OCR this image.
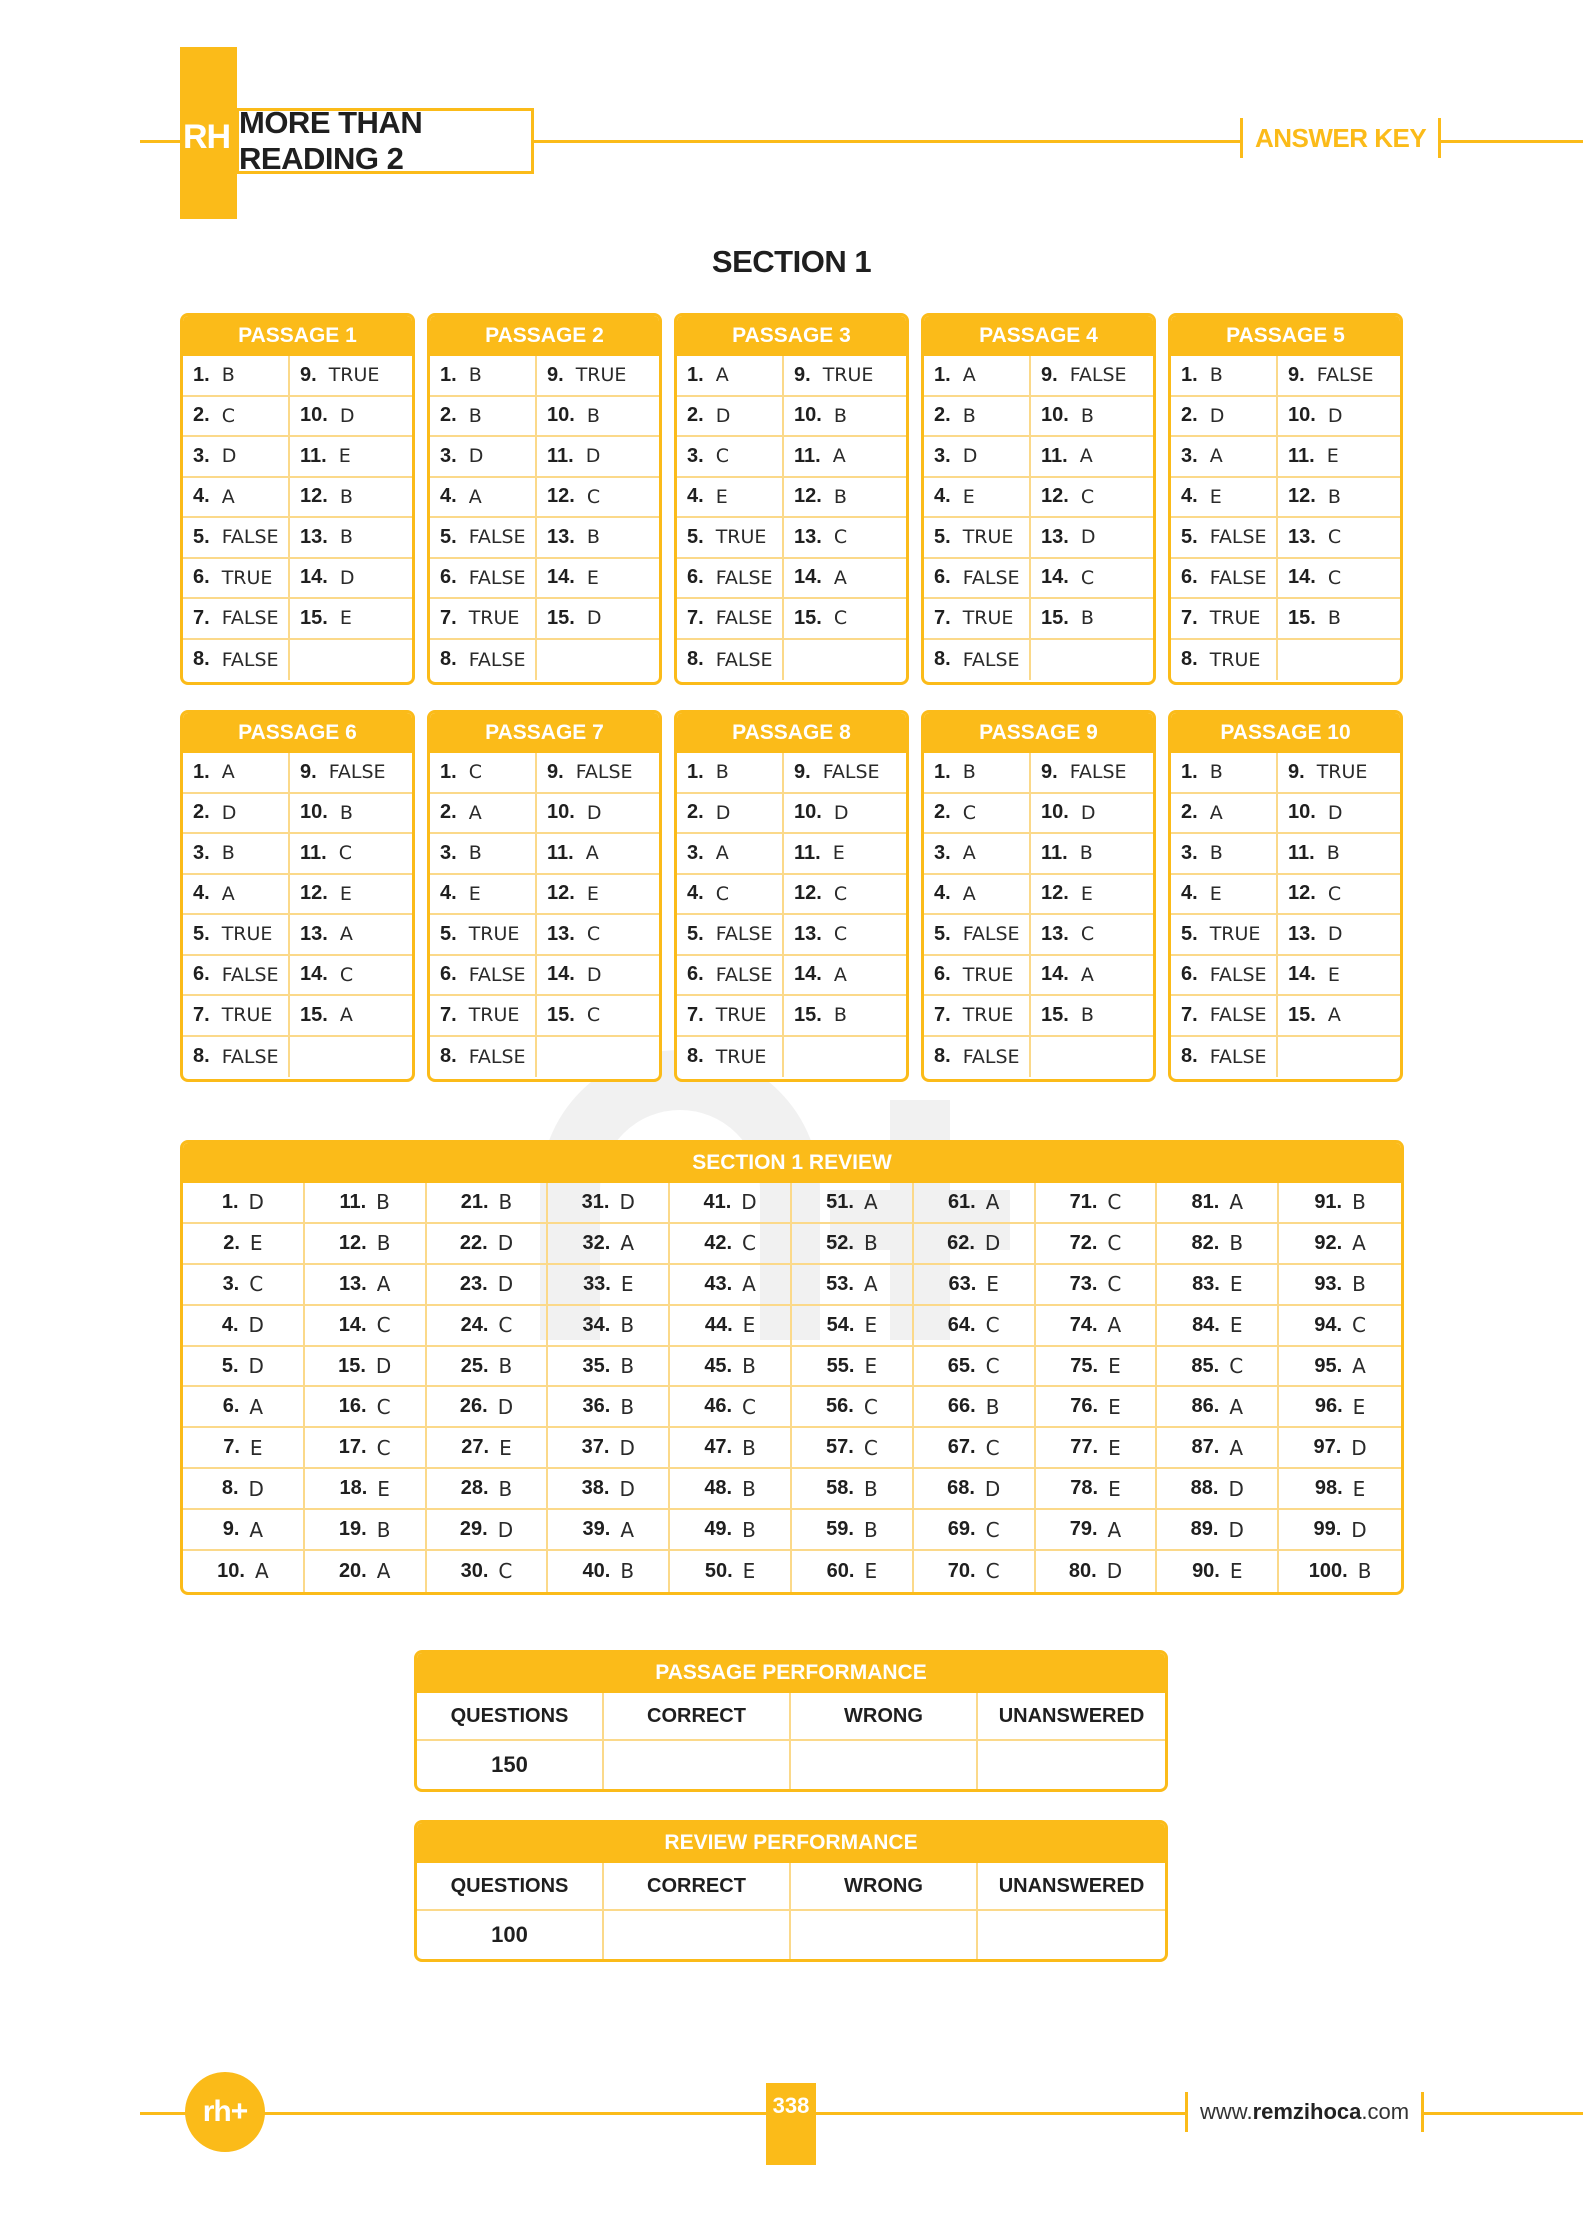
RH MORE THAN READING 2
ANSWER KEY
SECTION 1
PASSAGE 1
1. B	9. TRUE
2. C	10. D
3. D	11. E
4. A	12. B
5. FALSE 13. B
6. TRUE 14. D
7. FALSE 15. E
8. FALSE
PASSAGE 2
1. B	9. TRUE
2. B	10. B
3. D	11. D
4. A	12. C
5. FALSE 13. B
6. FALSE 14. E
7. TRUE 15. D
8. FALSE
PASSAGE 3
1. A	9. TRUE
2. D	10. B
3. C	11. A
4. E	12. B
5. TRUE 13. C
6. FALSE 14. A
7. FALSE 15. C
8. FALSE
PASSAGE 4
1. A	9. FALSE
2. B	10. B
3. D	11. A
4. E	12. C
5. TRUE 13. D
6. FALSE 14. C
7. TRUE 15. B
8. FALSE
PASSAGE 5
1. B	9. FALSE
2. D	10. D
3. A	11. E
4. E	12. B
5. FALSE 13. C
6. FALSE 14. C
7. TRUE 15. B
8. TRUE
PASSAGE 6
1. A	9. FALSE
2. D	10. B
3. B	11. C
4. A	12. E
5. TRUE 13. A
6. FALSE 14. C
7. TRUE 15. A
8. FALSE
PASSAGE 7
1. C	9. FALSE
2. A	10. D
3. B	11. A
4. E	12. E
5. TRUE 13. C
6. FALSE 14. D
7. TRUE 15. C
8. FALSE
PASSAGE 8
1. B	9. FALSE
2. D	10. D
3. A	11. E
4. C	12. C
5. FALSE 13. C
6. FALSE 14. A
7. TRUE 15. B
8. TRUE
PASSAGE 9
1. B	9. FALSE
2. C	10. D
3. A	11. B
4. A	12. E
5. FALSE 13. C
6. TRUE 14. A
7. TRUE 15. B
8. FALSE
PASSAGE 10
1. B	9. TRUE
2. A	10. D
3. B	11. B
4. E	12. C
5. TRUE 13. D
6. FALSE 14. E
7. FALSE 15. A
8. FALSE
SECTION 1 REVIEW
1. D	11. B	21. B	31. D	41. D	51. A	61. A	71. C	81. A	91. B
2. E	12. B	22. D	32. A	42. C	52. B	62. D	72. C	82. B	92. A
3. C	13. A	23. D	33. E	43. A	53. A	63. E	73. C	83. E	93. B
4. D	14. C	24. C	34. B	44. E	54. E	64. C	74. A	84. E	94. C
5. D	15. D	25. B	35. B	45. B	55. E	65. C	75. E	85. C	95. A
6. A	16. C	26. D	36. B	46. C	56. C	66. B	76. E	86. A	96. E
7. E	17. C	27. E	37. D	47. B	57. C	67. C	77. E	87. A	97. D
8. D	18. E	28. B	38. D	48. B	58. B	68. D	78. E	88. D	98. E
9. A	19. B	29. D	39. A	49. B	59. B	69. C	79. A	89. D	99. D
10. A	20. A	30. C	40. B	50. E	60. E	70. C	80. D	90. E	100. B
PASSAGE PERFORMANCE
QUESTIONS	CORRECT	WRONG	UNANSWERED
150
REVIEW PERFORMANCE
QUESTIONS	CORRECT	WRONG	UNANSWERED
100
rh+	338	www. remzihoca .com
